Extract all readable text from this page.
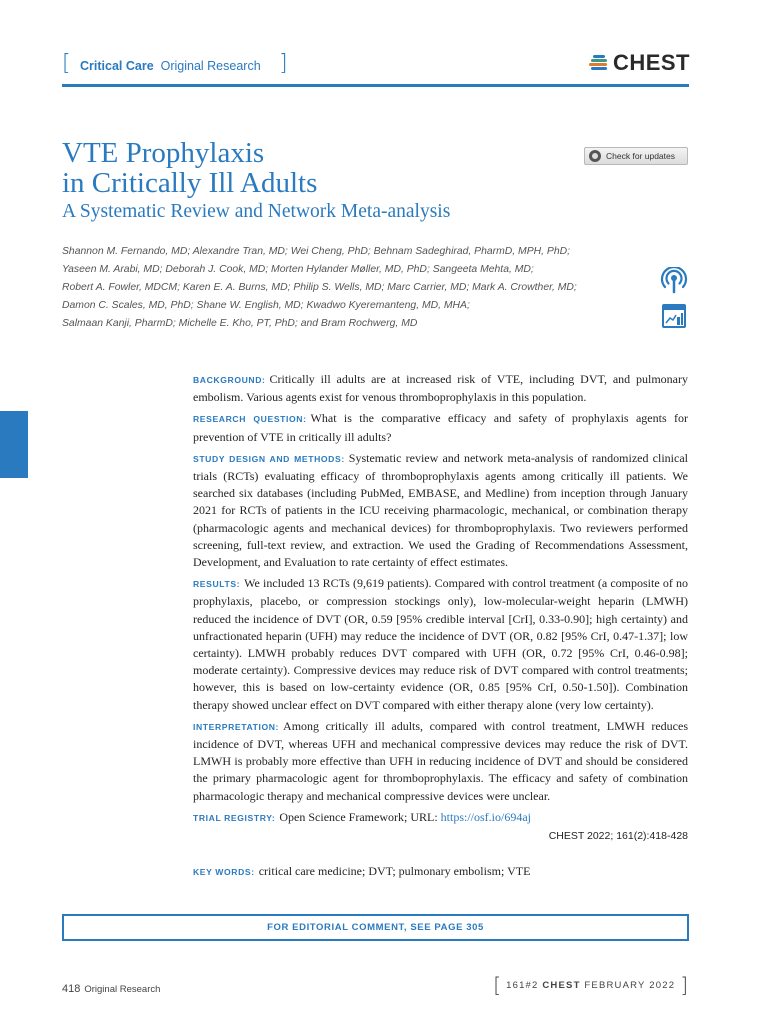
[ Critical Care Original Research ]	CHEST
VTE Prophylaxis
in Critically Ill Adults
A Systematic Review and Network Meta-analysis
Check for updates
Shannon M. Fernando, MD; Alexandre Tran, MD; Wei Cheng, PhD; Behnam Sadeghirad, PharmD, MPH, PhD;
Yaseen M. Arabi, MD; Deborah J. Cook, MD; Morten Hylander Møller, MD, PhD; Sangeeta Mehta, MD;
Robert A. Fowler, MDCM; Karen E. A. Burns, MD; Philip S. Wells, MD; Marc Carrier, MD; Mark A. Crowther, MD;
Damon C. Scales, MD, PhD; Shane W. English, MD; Kwadwo Kyeremanteng, MD, MHA;
Salmaan Kanji, PharmD; Michelle E. Kho, PT, PhD; and Bram Rochwerg, MD

BACKGROUND: Critically ill adults are at increased risk of VTE, including DVT, and pulmonary embolism. Various agents exist for venous thromboprophylaxis in this population.

RESEARCH QUESTION: What is the comparative efficacy and safety of prophylaxis agents for prevention of VTE in critically ill adults?

STUDY DESIGN AND METHODS: Systematic review and network meta-analysis of randomized clinical trials (RCTs) evaluating efficacy of thromboprophylaxis agents among critically ill patients. We searched six databases (including PubMed, EMBASE, and Medline) from inception through January 2021 for RCTs of patients in the ICU receiving pharmacologic, mechanical, or combination therapy (pharmacologic agents and mechanical devices) for thromboprophylaxis. Two reviewers performed screening, full-text review, and extraction. We used the Grading of Recommendations Assessment, Development, and Evaluation to rate certainty of effect estimates.

RESULTS: We included 13 RCTs (9,619 patients). Compared with control treatment (a composite of no prophylaxis, placebo, or compression stockings only), low-molecular-weight heparin (LMWH) reduced the incidence of DVT (OR, 0.59 [95% credible interval [CrI], 0.33-0.90]; high certainty) and unfractionated heparin (UFH) may reduce the incidence of DVT (OR, 0.82 [95% CrI, 0.47-1.37]; low certainty). LMWH probably reduces DVT compared with UFH (OR, 0.72 [95% CrI, 0.46-0.98]; moderate certainty). Compressive devices may reduce risk of DVT compared with control treatments; however, this is based on low-certainty evidence (OR, 0.85 [95% CrI, 0.50-1.50]). Combination therapy showed unclear effect on DVT compared with either therapy alone (very low certainty).

INTERPRETATION: Among critically ill adults, compared with control treatment, LMWH reduces incidence of DVT, whereas UFH and mechanical compressive devices may reduce the risk of DVT. LMWH is probably more effective than UFH in reducing incidence of DVT and should be considered the primary pharmacologic agent for thromboprophylaxis. The efficacy and safety of combination pharmacologic therapy and mechanical compressive devices were unclear.

TRIAL REGISTRY: Open Science Framework; URL: https://osf.io/694aj

CHEST 2022; 161(2):418-428
KEY WORDS: critical care medicine; DVT; pulmonary embolism; VTE
FOR EDITORIAL COMMENT, SEE PAGE 305
418 Original Research	[ 161#2 CHEST FEBRUARY 2022 ]
